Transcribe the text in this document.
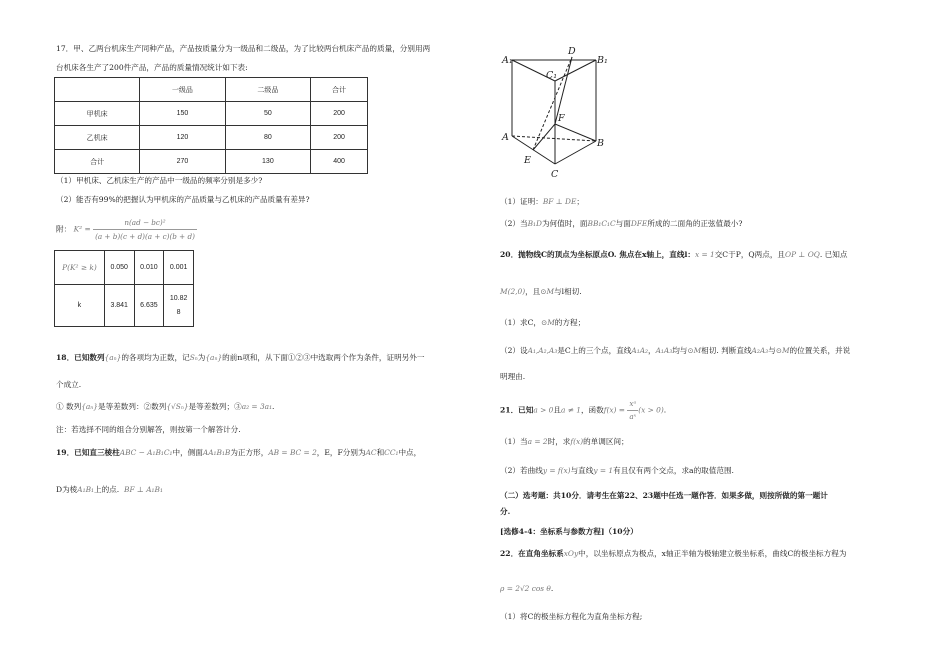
17．甲、乙两台机床生产同种产品，产品按质量分为一级品和二级品，为了比较两台机床产品的质量，分别用两
台机床各生产了200件产品，产品的质量情况统计如下表:
	一级品	二级品	合计
甲机床	150	50	200
乙机床	120	80	200
合计	270	130	400
（1）甲机床、乙机床生产的产品中一级品的频率分别是多少?
（2）能否有99%的把握认为甲机床的产品质量与乙机床的产品质量有差异?
附： $K^2 = \frac{\text{n(ad − bc)²}}{(a + b)(c + d)(a + c)(b + d)}$
P(K² ≥ k)	0.050	0.010	0.001
k	3.841	6.635	10.82
8
18．已知数列{aₙ}的各项均为正数，记Sₙ为{aₙ}的前n项和，从下面①②③中选取两个作为条件，证明另外一
个成立.
① 数列{aₙ}是等差数列：②数列{√Sₙ}是等差数列；③a₂ = 3a₁.
注：若选择不同的组合分别解答，则按第一个解答计分.
19．已知直三棱柱ABC − A₁B₁C₁中，侧面AA₁B₁B为正方形，AB = BC = 2，E，F分别为AC和CC₁中点，
D为棱A₁B₁上的点. BF ⊥ A₁B₁
A₁
D
B₁
C₁
F
A
B
E
C
（1）证明：BF ⊥ DE；
（2）当B₁D为何值时，面BB₁C₁C与面DFE所成的二面角的正弦值最小?
20．抛物线C的顶点为坐标原点O. 焦点在x轴上，直线l：x = 1交C于P，Q两点，且OP ⊥ OQ. 已知点
M(2,0)，且⊙M与l相切.
（1）求C，⊙M的方程；
（2）设A₁,A₂,A₃是C上的三个点，直线A₁A₂，A₁A₃均与⊙M相切. 判断直线A₂A₃与⊙M的位置关系，并说
明理由.
21．已知a > 0且a ≠ 1，函数$f(x) = \frac{\text{xᵃ}}{\text{aˣ}} (x > 0)$.
（1）当a = 2时，求f(x)的单调区间；
（2）若曲线y = f(x)与直线y = 1有且仅有两个交点，求a的取值范围.
（二）选考题：共10分．请考生在第22、23题中任选一题作答．如果多做，则按所做的第一题计
分.
[选修4-4：坐标系与参数方程]（10分）
22．在直角坐标系xOy中，以坐标原点为极点，x轴正半轴为极轴建立极坐标系，曲线C的极坐标方程为
ρ = 2√2 cos θ.
（1）将C的极坐标方程化为直角坐标方程;
